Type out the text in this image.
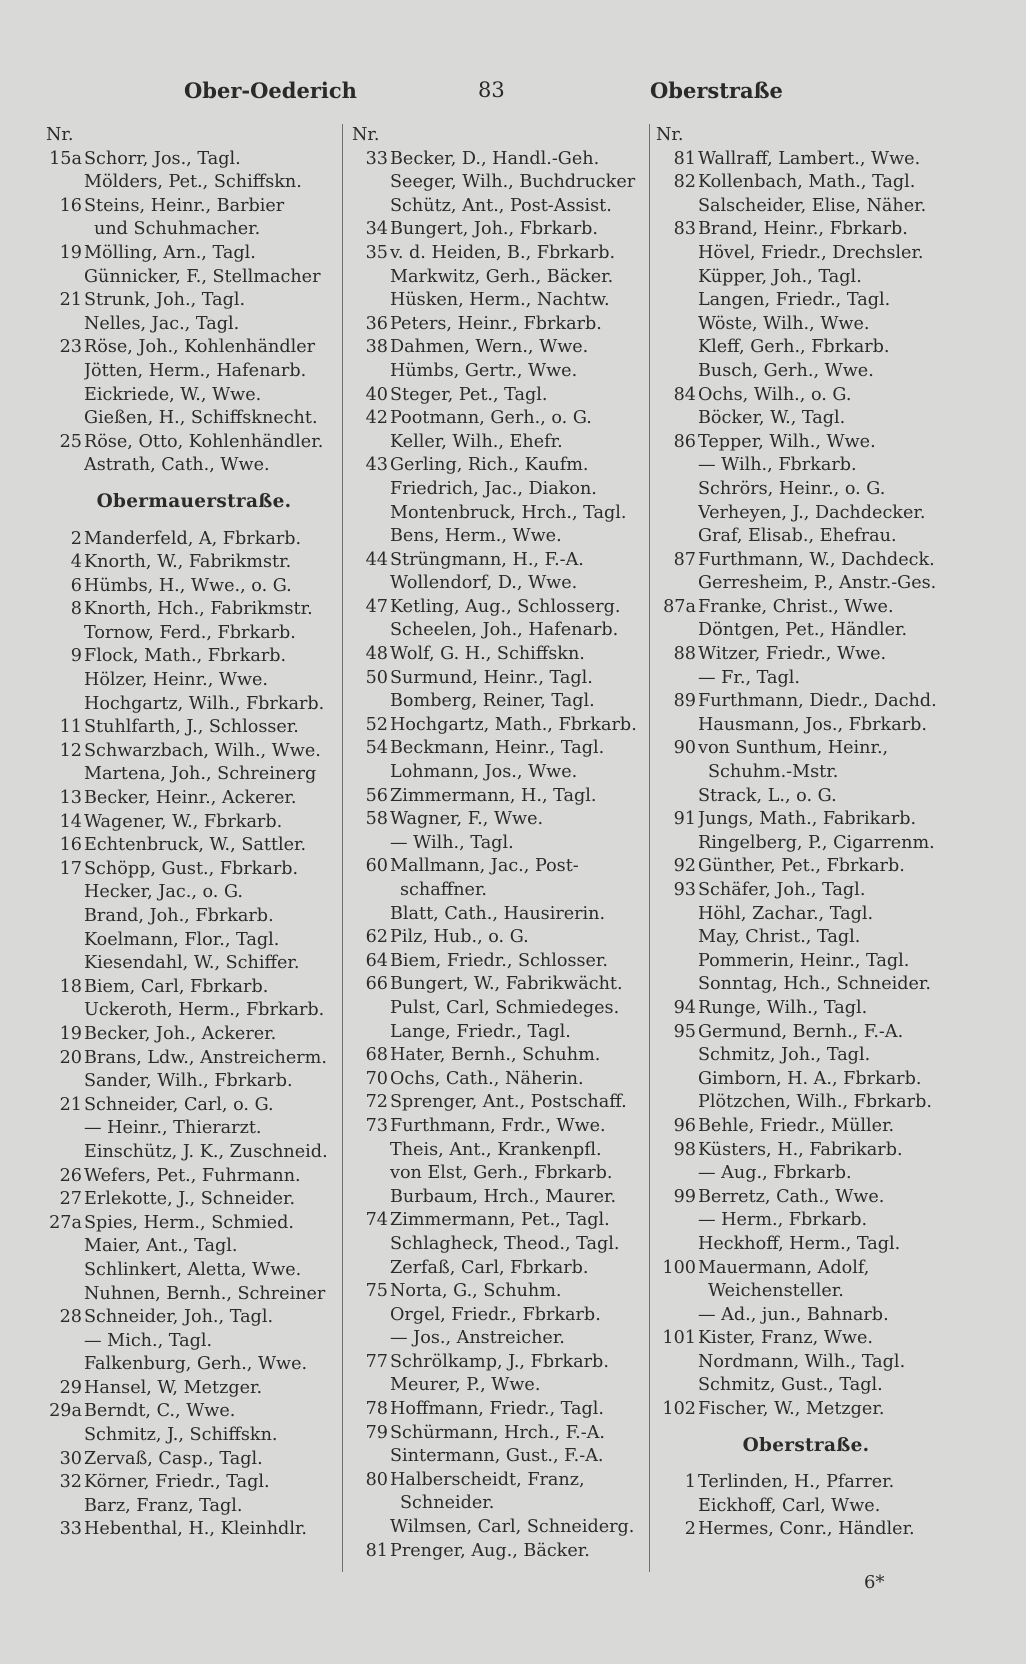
Ober-Oederich	83	Oberstraße
Nr.
15a Schorr, Jos., Tagl.
Mölders, Pet., Schiffskn.
16 Steins, Heinr., Barbier
und Schuhmacher.
19 Mölling, Arn., Tagl.
Günnicker, F., Stellmacher
21 Strunk, Joh., Tagl.
Nelles, Jac., Tagl.
23 Röse, Joh., Kohlenhändler
Jötten, Herm., Hafenarb.
Eickriede, W., Wwe.
Gießen, H., Schiffsknecht.
25 Röse, Otto, Kohlenhändler.
Astrath, Cath., Wwe.
Obermauerstraße.
2 Manderfeld, A, Fbrkarb.
4 Knorth, W., Fabrikmstr.
6 Hümbs, H., Wwe., o. G.
8 Knorth, Hch., Fabrikmstr.
Tornow, Ferd., Fbrkarb.
9 Flock, Math., Fbrkarb.
Hölzer, Heinr., Wwe.
Hochgartz, Wilh., Fbrkarb.
11 Stuhlfarth, J., Schlosser.
12 Schwarzbach, Wilh., Wwe.
Martena, Joh., Schreinerg
13 Becker, Heinr., Ackerer.
14 Wagener, W., Fbrkarb.
16 Echtenbruck, W., Sattler.
17 Schöpp, Gust., Fbrkarb.
Hecker, Jac., o. G.
Brand, Joh., Fbrkarb.
Koelmann, Flor., Tagl.
Kiesendahl, W., Schiffer.
18 Biem, Carl, Fbrkarb.
Uckeroth, Herm., Fbrkarb.
19 Becker, Joh., Ackerer.
20 Brans, Ldw., Anstreicherm.
Sander, Wilh., Fbrkarb.
21 Schneider, Carl, o. G.
— Heinr., Thierarzt.
Einschütz, J. K., Zuschneid.
26 Wefers, Pet., Fuhrmann.
27 Erlekotte, J., Schneider.
27a Spies, Herm., Schmied.
Maier, Ant., Tagl.
Schlinkert, Aletta, Wwe.
Nuhnen, Bernh., Schreiner
28 Schneider, Joh., Tagl.
— Mich., Tagl.
Falkenburg, Gerh., Wwe.
29 Hansel, W, Metzger.
29a Berndt, C., Wwe.
Schmitz, J., Schiffskn.
30 Zervaß, Casp., Tagl.
32 Körner, Friedr., Tagl.
Barz, Franz, Tagl.
33 Hebenthal, H., Kleinhdlr.
Nr.
33 Becker, D., Handl.-Geh.
Seeger, Wilh., Buchdrucker
Schütz, Ant., Post-Assist.
34 Bungert, Joh., Fbrkarb.
35 v. d. Heiden, B., Fbrkarb.
Markwitz, Gerh., Bäcker.
Hüsken, Herm., Nachtw.
36 Peters, Heinr., Fbrkarb.
38 Dahmen, Wern., Wwe.
Hümbs, Gertr., Wwe.
40 Steger, Pet., Tagl.
42 Pootmann, Gerh., o. G.
Keller, Wilh., Ehefr.
43 Gerling, Rich., Kaufm.
Friedrich, Jac., Diakon.
Montenbruck, Hrch., Tagl.
Bens, Herm., Wwe.
44 Strüngmann, H., F.-A.
Wollendorf, D., Wwe.
47 Ketling, Aug., Schlosserg.
Scheelen, Joh., Hafenarb.
48 Wolf, G. H., Schiffskn.
50 Surmund, Heinr., Tagl.
Bomberg, Reiner, Tagl.
52 Hochgartz, Math., Fbrkarb.
54 Beckmann, Heinr., Tagl.
Lohmann, Jos., Wwe.
56 Zimmermann, H., Tagl.
58 Wagner, F., Wwe.
— Wilh., Tagl.
60 Mallmann, Jac., Post-
schaffner.
Blatt, Cath., Hausirerin.
62 Pilz, Hub., o. G.
64 Biem, Friedr., Schlosser.
66 Bungert, W., Fabrikwächt.
Pulst, Carl, Schmiedeges.
Lange, Friedr., Tagl.
68 Hater, Bernh., Schuhm.
70 Ochs, Cath., Näherin.
72 Sprenger, Ant., Postschaff.
73 Furthmann, Frdr., Wwe.
Theis, Ant., Krankenpfl.
von Elst, Gerh., Fbrkarb.
Burbaum, Hrch., Maurer.
74 Zimmermann, Pet., Tagl.
Schlagheck, Theod., Tagl.
Zerfaß, Carl, Fbrkarb.
75 Norta, G., Schuhm.
Orgel, Friedr., Fbrkarb.
— Jos., Anstreicher.
77 Schrölkamp, J., Fbrkarb.
Meurer, P., Wwe.
78 Hoffmann, Friedr., Tagl.
79 Schürmann, Hrch., F.-A.
Sintermann, Gust., F.-A.
80 Halberscheidt, Franz,
Schneider.
Wilmsen, Carl, Schneiderg.
81 Prenger, Aug., Bäcker.
Nr.
81 Wallraff, Lambert., Wwe.
82 Kollenbach, Math., Tagl.
Salscheider, Elise, Näher.
83 Brand, Heinr., Fbrkarb.
Hövel, Friedr., Drechsler.
Küpper, Joh., Tagl.
Langen, Friedr., Tagl.
Wöste, Wilh., Wwe.
Kleff, Gerh., Fbrkarb.
Busch, Gerh., Wwe.
84 Ochs, Wilh., o. G.
Böcker, W., Tagl.
86 Tepper, Wilh., Wwe.
— Wilh., Fbrkarb.
Schrörs, Heinr., o. G.
Verheyen, J., Dachdecker.
Graf, Elisab., Ehefrau.
87 Furthmann, W., Dachdeck.
Gerresheim, P., Anstr.-Ges.
87a Franke, Christ., Wwe.
Döntgen, Pet., Händler.
88 Witzer, Friedr., Wwe.
— Fr., Tagl.
89 Furthmann, Diedr., Dachd.
Hausmann, Jos., Fbrkarb.
90 von Sunthum, Heinr.,
Schuhm.-Mstr.
Strack, L., o. G.
91 Jungs, Math., Fabrikarb.
Ringelberg, P., Cigarrenm.
92 Günther, Pet., Fbrkarb.
93 Schäfer, Joh., Tagl.
Höhl, Zachar., Tagl.
May, Christ., Tagl.
Pommerin, Heinr., Tagl.
Sonntag, Hch., Schneider.
94 Runge, Wilh., Tagl.
95 Germund, Bernh., F.-A.
Schmitz, Joh., Tagl.
Gimborn, H. A., Fbrkarb.
Plötzchen, Wilh., Fbrkarb.
96 Behle, Friedr., Müller.
98 Küsters, H., Fabrikarb.
— Aug., Fbrkarb.
99 Berretz, Cath., Wwe.
— Herm., Fbrkarb.
Heckhoff, Herm., Tagl.
100 Mauermann, Adolf,
Weichensteller.
— Ad., jun., Bahnarb.
101 Kister, Franz, Wwe.
Nordmann, Wilh., Tagl.
Schmitz, Gust., Tagl.
102 Fischer, W., Metzger.
Oberstraße.
1 Terlinden, H., Pfarrer.
Eickhoff, Carl, Wwe.
2 Hermes, Conr., Händler.
6*
